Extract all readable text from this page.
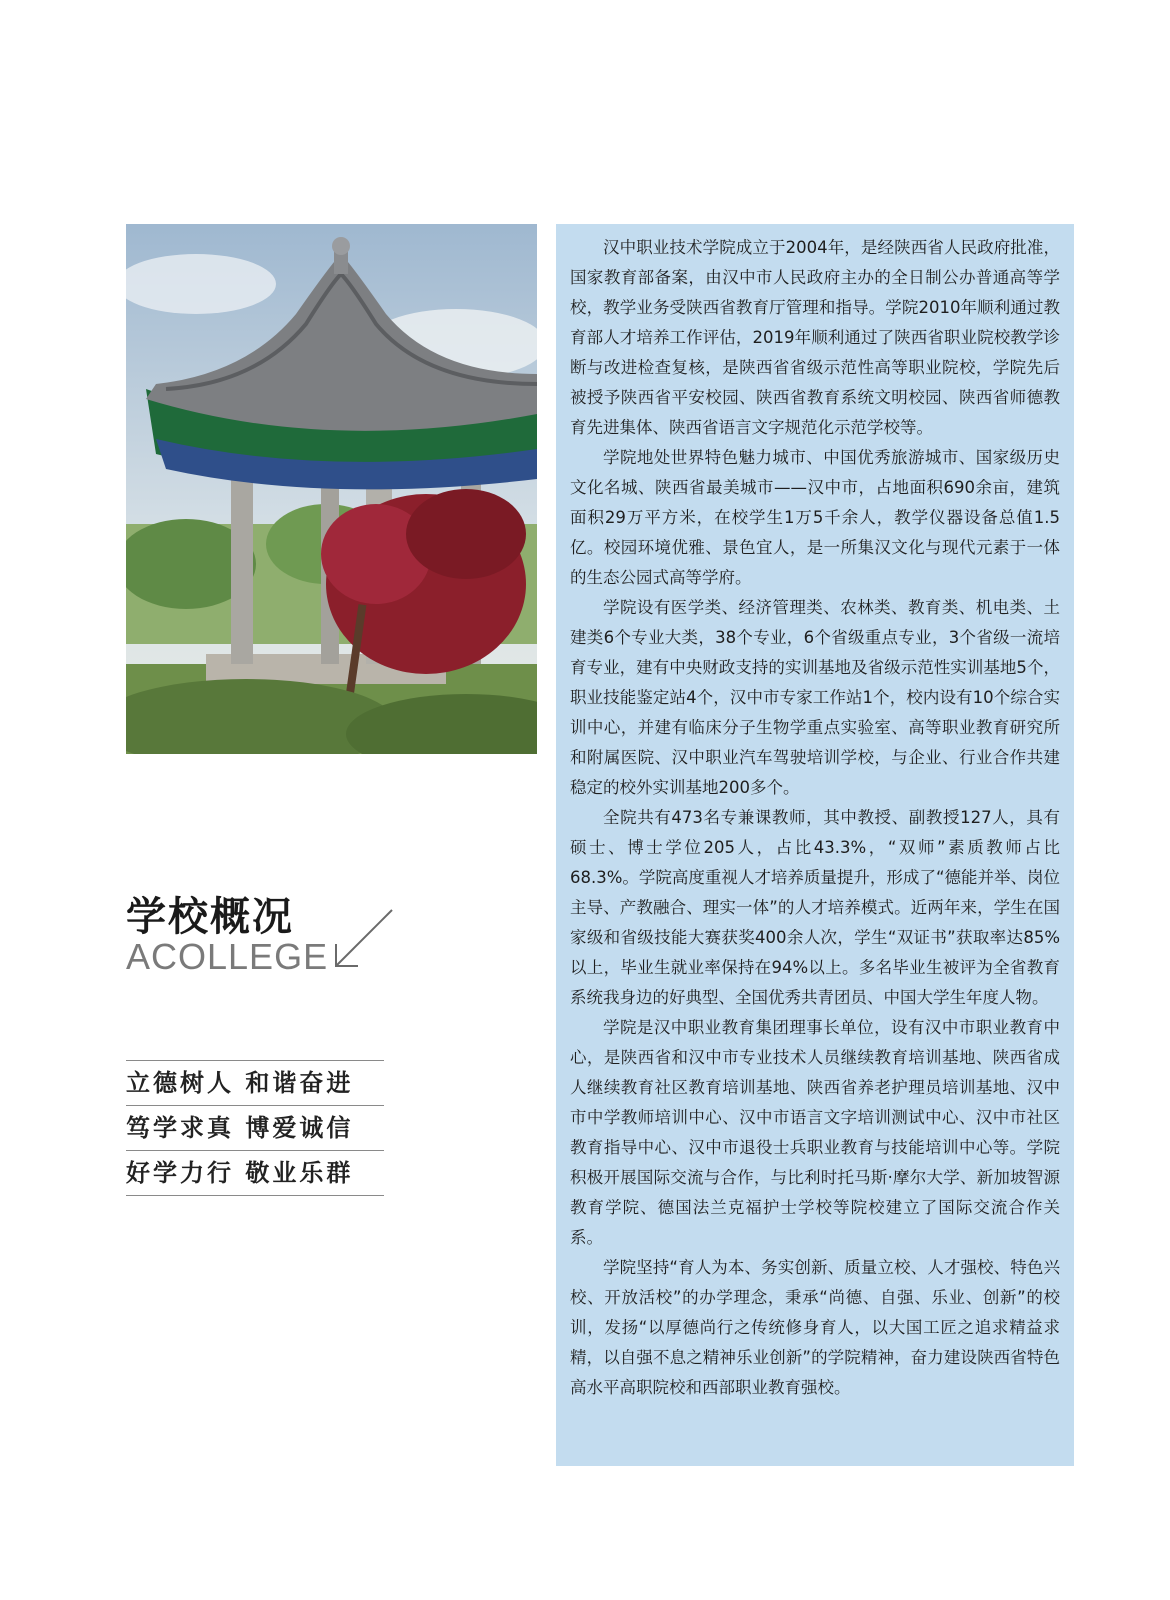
学校概况
ACOLLEGE
立德树人 和谐奋进
笃学求真 博爱诚信
好学力行 敬业乐群

汉中职业技术学院成立于2004年，是经陕西省人民政府批准，国家教育部备案，由汉中市人民政府主办的全日制公办普通高等学校，教学业务受陕西省教育厅管理和指导。学院2010年顺利通过教育部人才培养工作评估，2019年顺利通过了陕西省职业院校教学诊断与改进检查复核，是陕西省省级示范性高等职业院校，学院先后被授予陕西省平安校园、陕西省教育系统文明校园、陕西省师德教育先进集体、陕西省语言文字规范化示范学校等。

学院地处世界特色魅力城市、中国优秀旅游城市、国家级历史文化名城、陕西省最美城市——汉中市，占地面积690余亩，建筑面积29万平方米，在校学生1万5千余人，教学仪器设备总值1.5亿。校园环境优雅、景色宜人，是一所集汉文化与现代元素于一体的生态公园式高等学府。

学院设有医学类、经济管理类、农林类、教育类、机电类、土建类6个专业大类，38个专业，6个省级重点专业，3个省级一流培育专业，建有中央财政支持的实训基地及省级示范性实训基地5个，职业技能鉴定站4个，汉中市专家工作站1个，校内设有10个综合实训中心，并建有临床分子生物学重点实验室、高等职业教育研究所和附属医院、汉中职业汽车驾驶培训学校，与企业、行业合作共建稳定的校外实训基地200多个。

全院共有473名专兼课教师，其中教授、副教授127人，具有硕士、博士学位205人，占比43.3%，“双师”素质教师占比68.3%。学院高度重视人才培养质量提升，形成了“德能并举、岗位主导、产教融合、理实一体”的人才培养模式。近两年来，学生在国家级和省级技能大赛获奖400余人次，学生“双证书”获取率达85%以上，毕业生就业率保持在94%以上。多名毕业生被评为全省教育系统我身边的好典型、全国优秀共青团员、中国大学生年度人物。

学院是汉中职业教育集团理事长单位，设有汉中市职业教育中心，是陕西省和汉中市专业技术人员继续教育培训基地、陕西省成人继续教育社区教育培训基地、陕西省养老护理员培训基地、汉中市中学教师培训中心、汉中市语言文字培训测试中心、汉中市社区教育指导中心、汉中市退役士兵职业教育与技能培训中心等。学院积极开展国际交流与合作，与比利时托马斯·摩尔大学、新加坡智源教育学院、德国法兰克福护士学校等院校建立了国际交流合作关系。

学院坚持“育人为本、务实创新、质量立校、人才强校、特色兴校、开放活校”的办学理念，秉承“尚德、自强、乐业、创新”的校训，发扬“以厚德尚行之传统修身育人，以大国工匠之追求精益求精，以自强不息之精神乐业创新”的学院精神，奋力建设陕西省特色高水平高职院校和西部职业教育强校。
